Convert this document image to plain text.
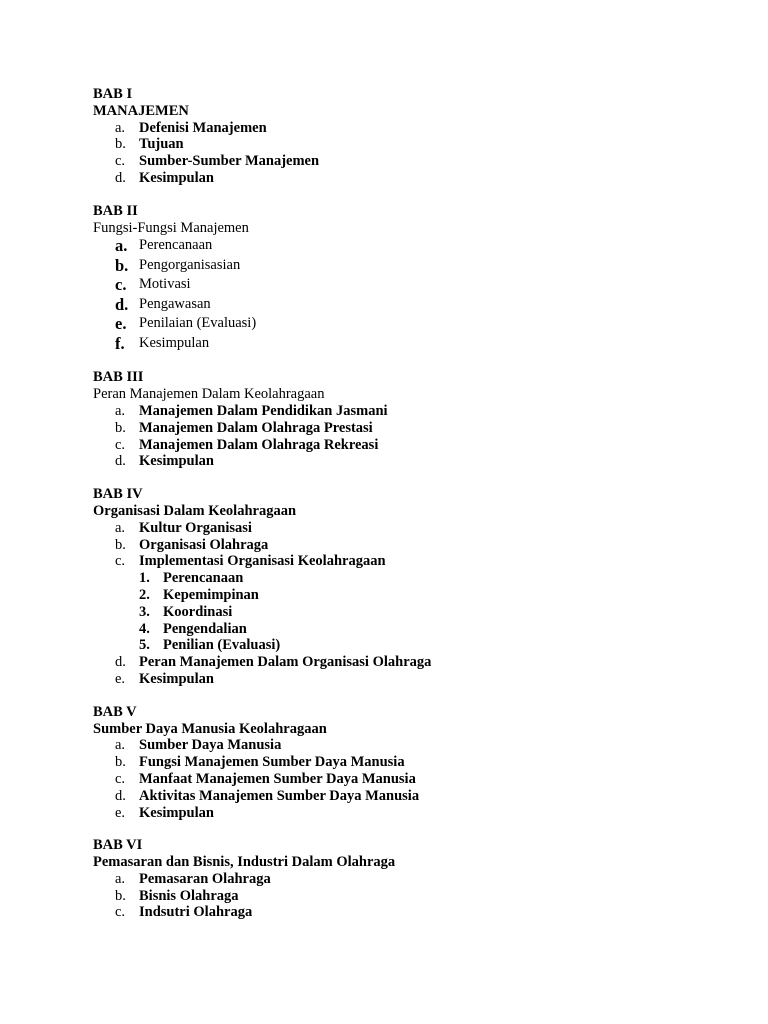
BAB I
MANAJEMEN
a. Defenisi Manajemen
b. Tujuan
c. Sumber-Sumber Manajemen
d. Kesimpulan
BAB II
Fungsi-Fungsi Manajemen
a. Perencanaan
b. Pengorganisasian
c. Motivasi
d. Pengawasan
e. Penilaian (Evaluasi)
f. Kesimpulan
BAB III
Peran Manajemen Dalam Keolahragaan
a. Manajemen Dalam Pendidikan Jasmani
b. Manajemen Dalam Olahraga Prestasi
c. Manajemen Dalam Olahraga Rekreasi
d. Kesimpulan
BAB IV
Organisasi Dalam Keolahragaan
a. Kultur Organisasi
b. Organisasi Olahraga
c. Implementasi Organisasi Keolahragaan
1. Perencanaan
2. Kepemimpinan
3. Koordinasi
4. Pengendalian
5. Penilian (Evaluasi)
d. Peran Manajemen Dalam Organisasi Olahraga
e. Kesimpulan
BAB V
Sumber Daya Manusia Keolahragaan
a. Sumber Daya Manusia
b. Fungsi Manajemen Sumber Daya Manusia
c. Manfaat Manajemen Sumber Daya Manusia
d. Aktivitas Manajemen Sumber Daya Manusia
e. Kesimpulan
BAB VI
Pemasaran dan Bisnis, Industri Dalam Olahraga
a. Pemasaran Olahraga
b. Bisnis Olahraga
c. Indsutri Olahraga
